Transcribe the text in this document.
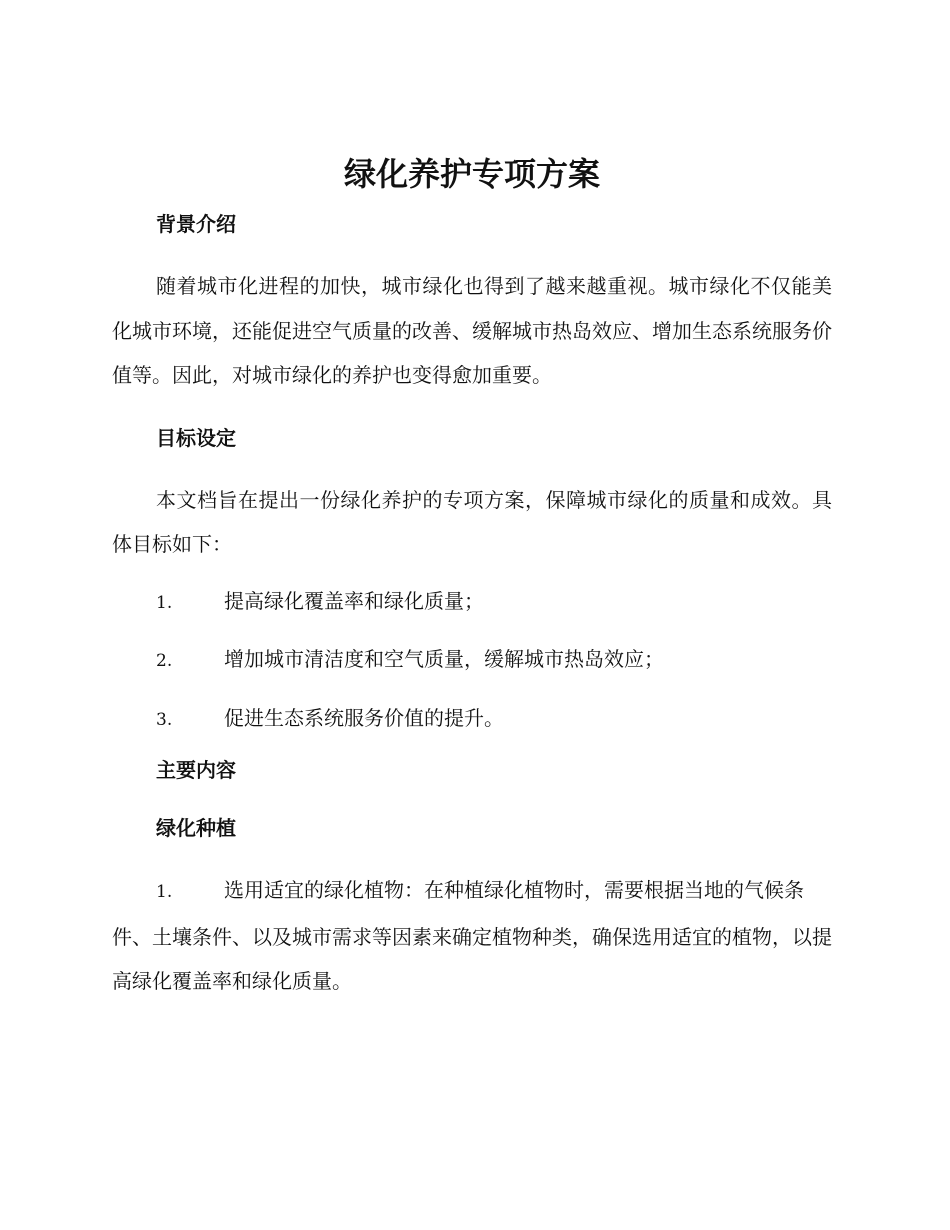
绿化养护专项方案
背景介绍

随着城市化进程的加快，城市绿化也得到了越来越重视。城市绿化不仅能美化城市环境，还能促进空气质量的改善、缓解城市热岛效应、增加生态系统服务价值等。因此，对城市绿化的养护也变得愈加重要。

目标设定

本文档旨在提出一份绿化养护的专项方案，保障城市绿化的质量和成效。具体目标如下：

1.	提高绿化覆盖率和绿化质量；

2.	增加城市清洁度和空气质量，缓解城市热岛效应；

3.	促进生态系统服务价值的提升。

主要内容
绿化种植

1.	选用适宜的绿化植物：在种植绿化植物时，需要根据当地的气候条件、土壤条件、以及城市需求等因素来确定植物种类，确保选用适宜的植物，以提高绿化覆盖率和绿化质量。
